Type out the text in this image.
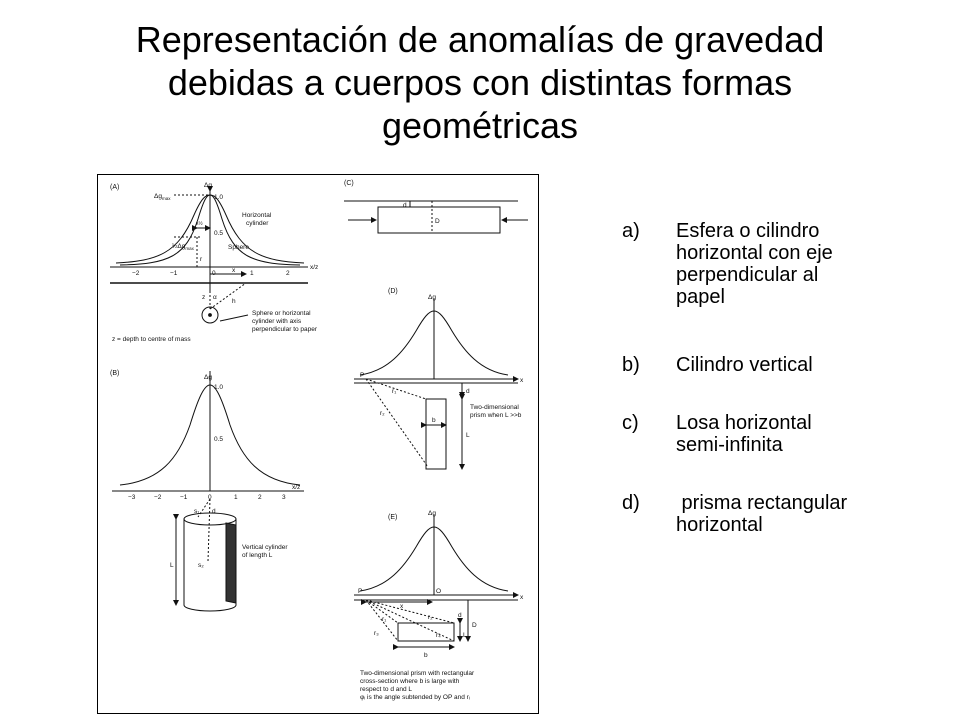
Representación de anomalías de gravedad
debidas a cuerpos con distintas formas
geométricas
(A)	Δg
$\Delta g_{max}$	1.0
0.5
$\frac{1}{2}\Delta g_{max}$
x½
−2	−1	0	1	2
x/z
x
Horizontal
cylinder
Sphere
z α
h
r
Sphere or horizontal
cylinder with axis
perpendicular to paper
z = depth to centre of mass
(B)
Δg
1.0
0.5
−3	−2	−1	0	1	2	3
x/z
s₁ d
s₂
L
Vertical cylinder
of length L
(C)
d
D
(D)
Δg
P
x
r₁
r₂
d
b
L
Two-dimensional
prism when L >>b
(E)
Δg
P	O
x
x
r₁	r₂
r₃	r₄
d
D
L
b
Two-dimensional prism with rectangular
cross-section where b is large with
respect to d and L
φᵢ is the angle subtended by OP and rᵢ
a) Esfera o cilindro
horizontal con eje
perpendicular al
papel
b) Cilindro vertical
c) Losa horizontal
semi-infinita
d) prisma rectangular
horizontal
